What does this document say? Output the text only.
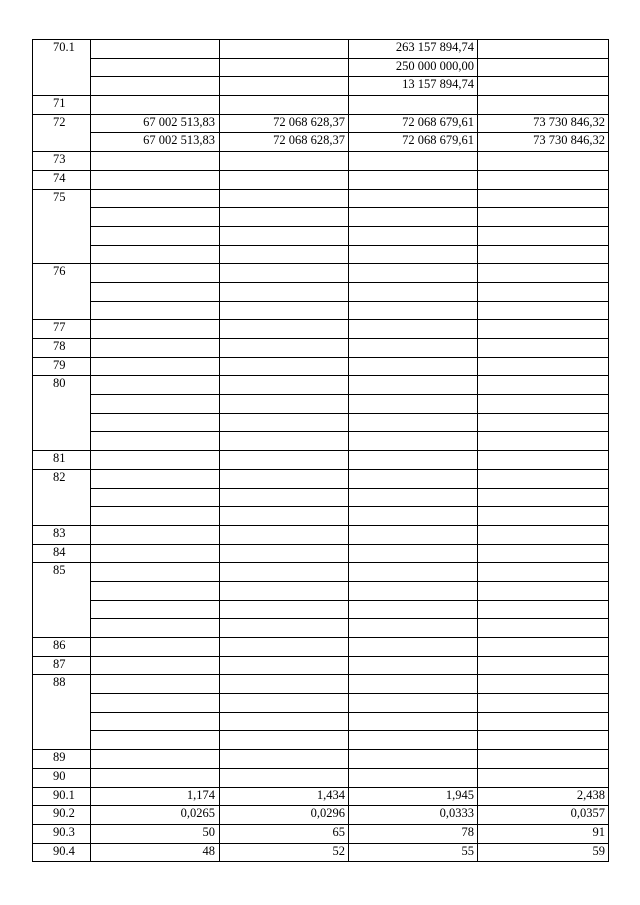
70.1			263 157 894,74	
			250 000 000,00	
			13 157 894,74	
71				
72	67 002 513,83	72 068 628,37	72 068 679,61	73 730 846,32
	67 002 513,83	72 068 628,37	72 068 679,61	73 730 846,32
73				
74				
75				

76				

77				
78				
79				
80				

81				
82				

83				
84				
85				

86				
87				
88				

89				
90				
90.1	1,174	1,434	1,945	2,438
90.2	0,0265	0,0296	0,0333	0,0357
90.3	50	65	78	91
90.4	48	52	55	59
